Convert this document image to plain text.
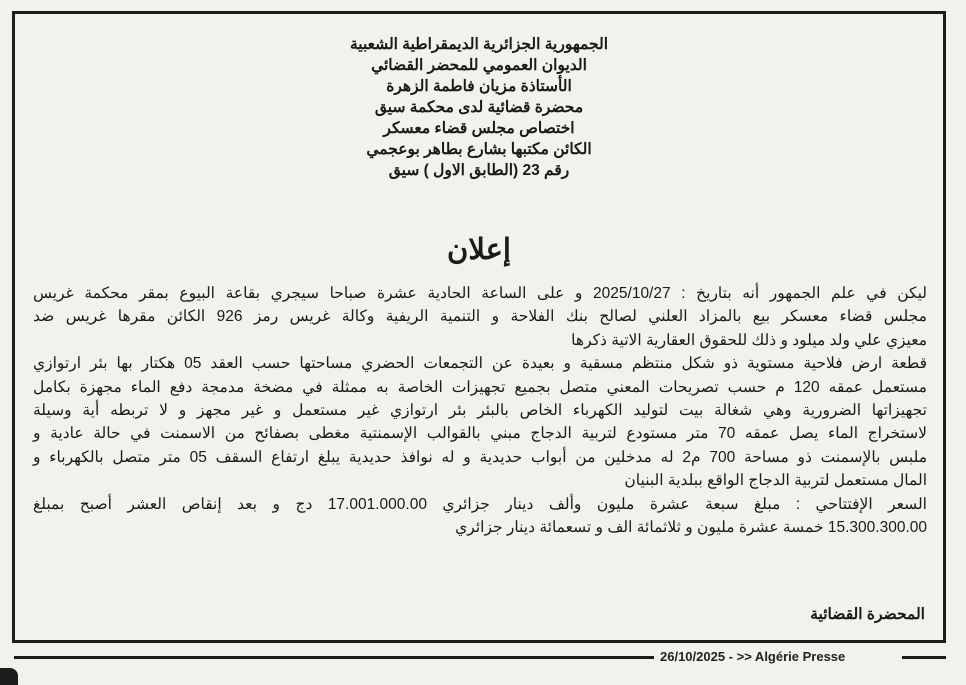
الجمهورية الجزائرية الديمقراطية الشعبية
الديوان العمومي للمحضر القضائي
الأستاذة مزيان فاطمة الزهرة
محضرة قضائية لدى محكمة سيق
اختصاص مجلس قضاء معسكر
الكائن مكتبها بشارع بطاهر بوعجمي
رقم 23 (الطابق الاول ) سيق
إعلان
ليكن في علم الجمهور أنه بتاريخ : 2025/10/27 و على الساعة الحادية عشرة صباحا سيجري بقاعة البيوع بمقر محكمة غريس
مجلس قضاء معسكر بيع بالمزاد العلني لصالح بنك الفلاحة و التنمية الريفية وكالة غريس رمز 926 الكائن مقرها غريس ضد
معيزي علي ولد ميلود و ذلك للحقوق العقارية الاتية ذكرها
قطعة ارض فلاحية مستوية ذو شكل منتظم مسقية و بعيدة عن التجمعات الحضري مساحتها حسب العقد 05 هكتار بها بئر ارتوازي
مستعمل عمقه 120 م حسب تصريحات المعني متصل بجميع تجهيزات الخاصة به ممثلة في مضخة مدمجة دفع الماء مجهزة بكامل
تجهيزاتها الضرورية وهي شغالة بيت لتوليد الكهرباء الخاص بالبئر بئر ارتوازي غير مستعمل و غير مجهز و لا تربطه أية وسيلة
لاستخراج الماء يصل عمقه 70 متر مستودع لتربية الدجاج مبني بالقوالب الإسمنتية مغطى بصفائح من الاسمنت في حالة عادية و
ملبس بالإسمنت ذو مساحة 700 م2 له مدخلين من أبواب حديدية و له نوافذ حديدية يبلغ ارتفاع السقف 05 متر متصل بالكهرباء و
المال مستعمل لتربية الدجاج الواقع ببلدية البنيان
السعر الإفتتاحي : مبلغ سبعة عشرة مليون وألف دينار جزائري 17.001.000.00 دج و بعد إنقاص العشر أصبح بمبلغ
15.300.300.00 خمسة عشرة مليون و ثلاثمائة الف و تسعمائة دينار جزائري
المحضرة القضائية
26/10/2025 - >> Algérie Presse
